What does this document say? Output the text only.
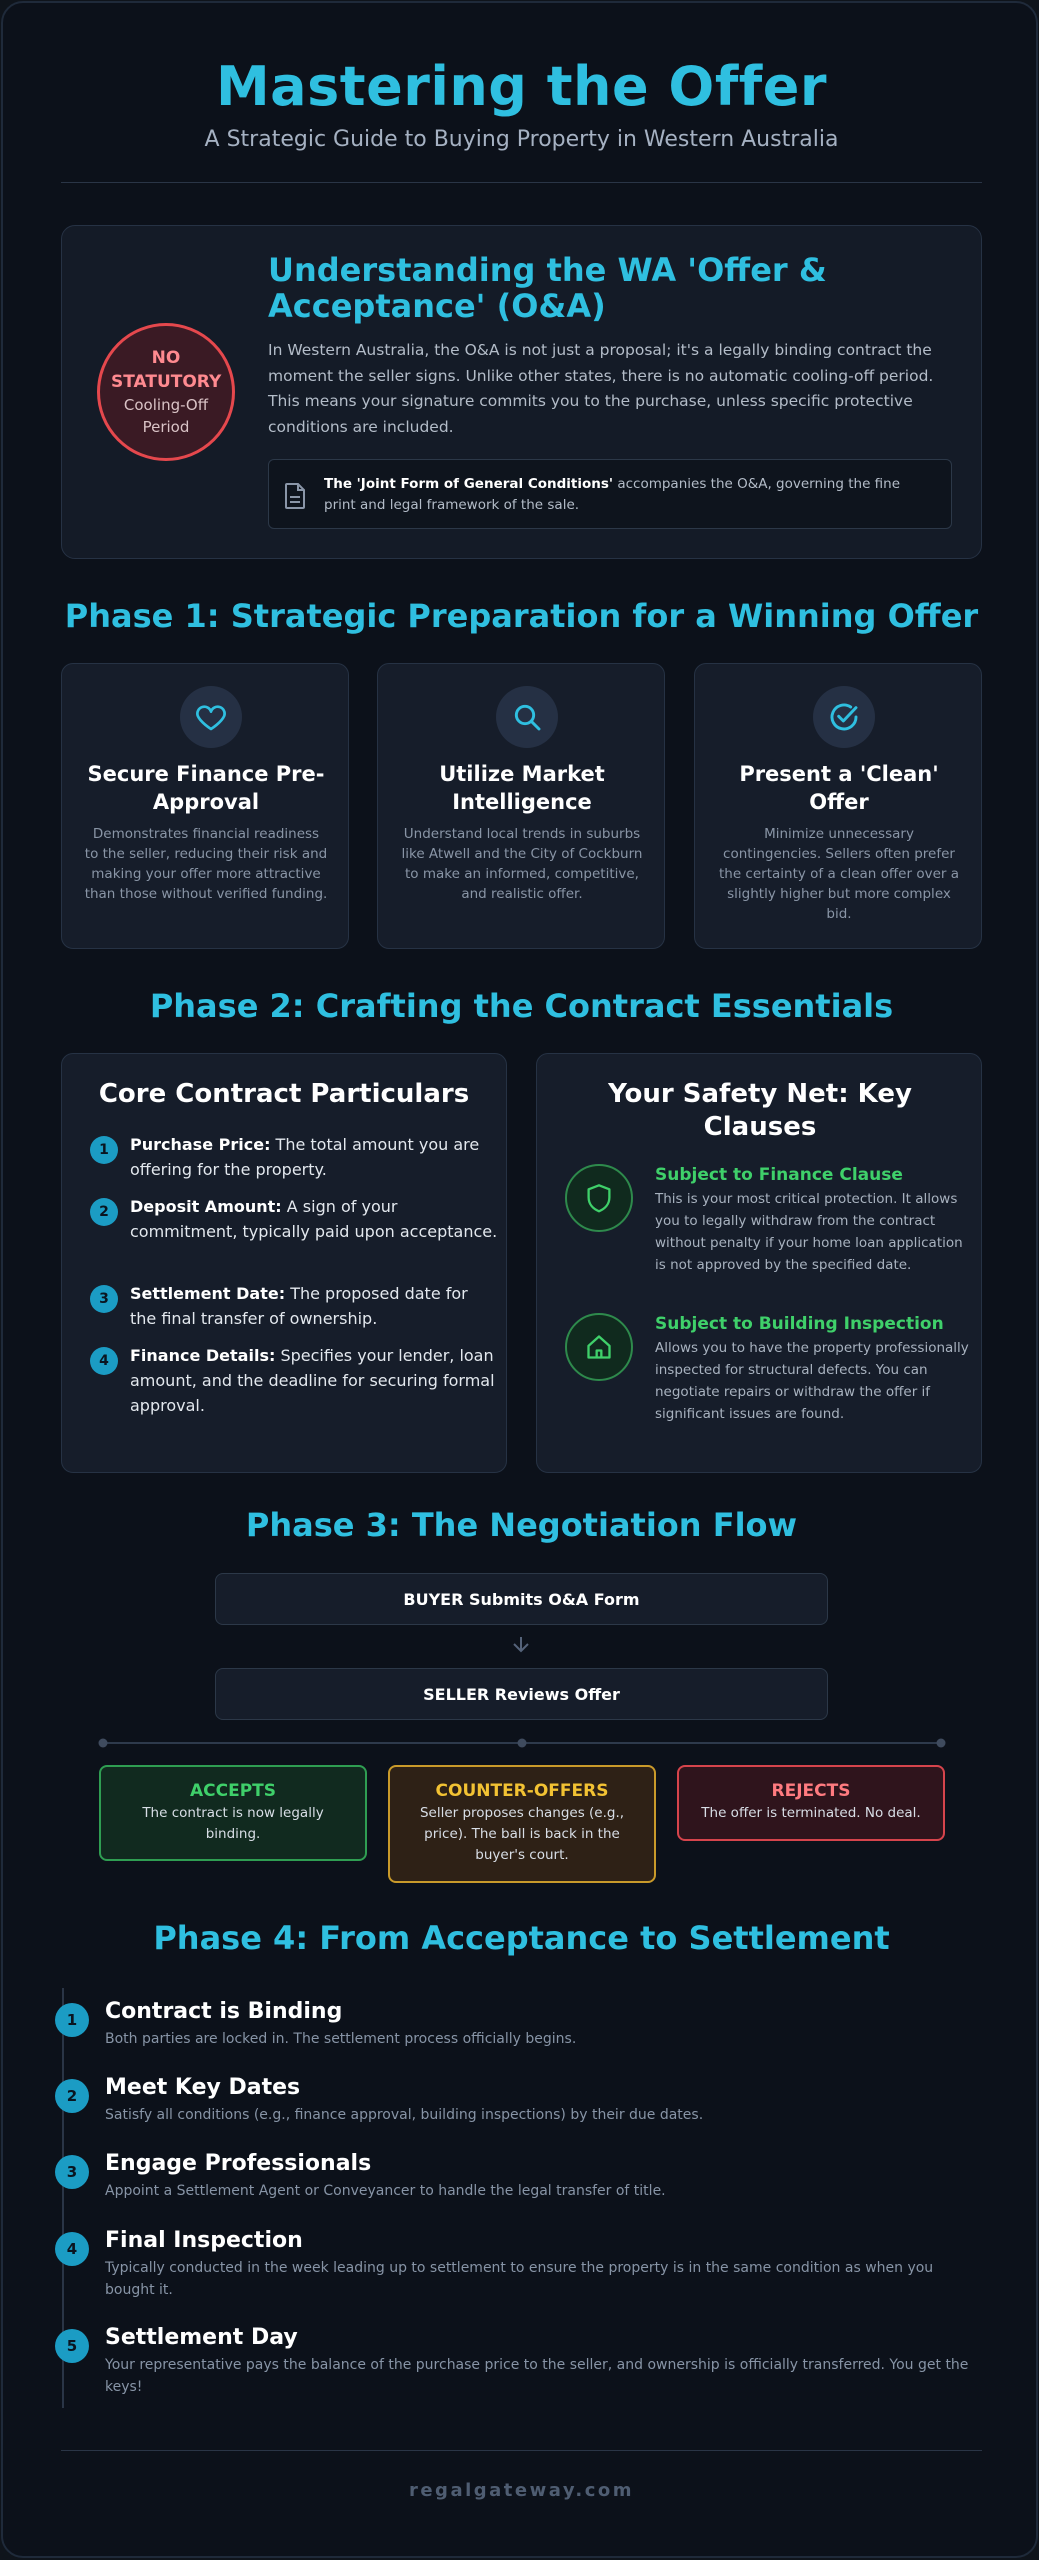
Mastering the Offer
A Strategic Guide to Buying Property in Western Australia
NO STATUTORY
Cooling-Off Period
Understanding the WA 'Offer & Acceptance' (O&A)
In Western Australia, the O&A is not just a proposal; it's a legally binding contract the moment the seller signs. Unlike other states, there is no automatic cooling-off period. This means your signature commits you to the purchase, unless specific protective conditions are included.
The 'Joint Form of General Conditions' accompanies the O&A, governing the fine print and legal framework of the sale.
Phase 1: Strategic Preparation for a Winning Offer
Secure Finance Pre-Approval
Demonstrates financial readiness to the seller, reducing their risk and making your offer more attractive than those without verified funding.
Utilize Market Intelligence
Understand local trends in suburbs like Atwell and the City of Cockburn to make an informed, competitive, and realistic offer.
Present a 'Clean' Offer
Minimize unnecessary contingencies. Sellers often prefer the certainty of a clean offer over a slightly higher but more complex bid.
Phase 2: Crafting the Contract Essentials
Core Contract Particulars
1	Purchase Price: The total amount you are offering for the property.
2	Deposit Amount: A sign of your commitment, typically paid upon acceptance.
3	Settlement Date: The proposed date for the final transfer of ownership.
4	Finance Details: Specifies your lender, loan amount, and the deadline for securing formal approval.
Your Safety Net: Key Clauses
Subject to Finance Clause
This is your most critical protection. It allows you to legally withdraw from the contract without penalty if your home loan application is not approved by the specified date.
Subject to Building Inspection
Allows you to have the property professionally inspected for structural defects. You can negotiate repairs or withdraw the offer if significant issues are found.
Phase 3: The Negotiation Flow
BUYER Submits O&A Form
SELLER Reviews Offer
ACCEPTS
The contract is now legally binding.
COUNTER-OFFERS
Seller proposes changes (e.g., price). The ball is back in the buyer's court.
REJECTS
The offer is terminated. No deal.
Phase 4: From Acceptance to Settlement
1	Contract is Binding
Both parties are locked in. The settlement process officially begins.
2	Meet Key Dates
Satisfy all conditions (e.g., finance approval, building inspections) by their due dates.
3	Engage Professionals
Appoint a Settlement Agent or Conveyancer to handle the legal transfer of title.
4	Final Inspection
Typically conducted in the week leading up to settlement to ensure the property is in the same condition as when you bought it.
5	Settlement Day
Your representative pays the balance of the purchase price to the seller, and ownership is officially transferred. You get the keys!
regalgateway.com
